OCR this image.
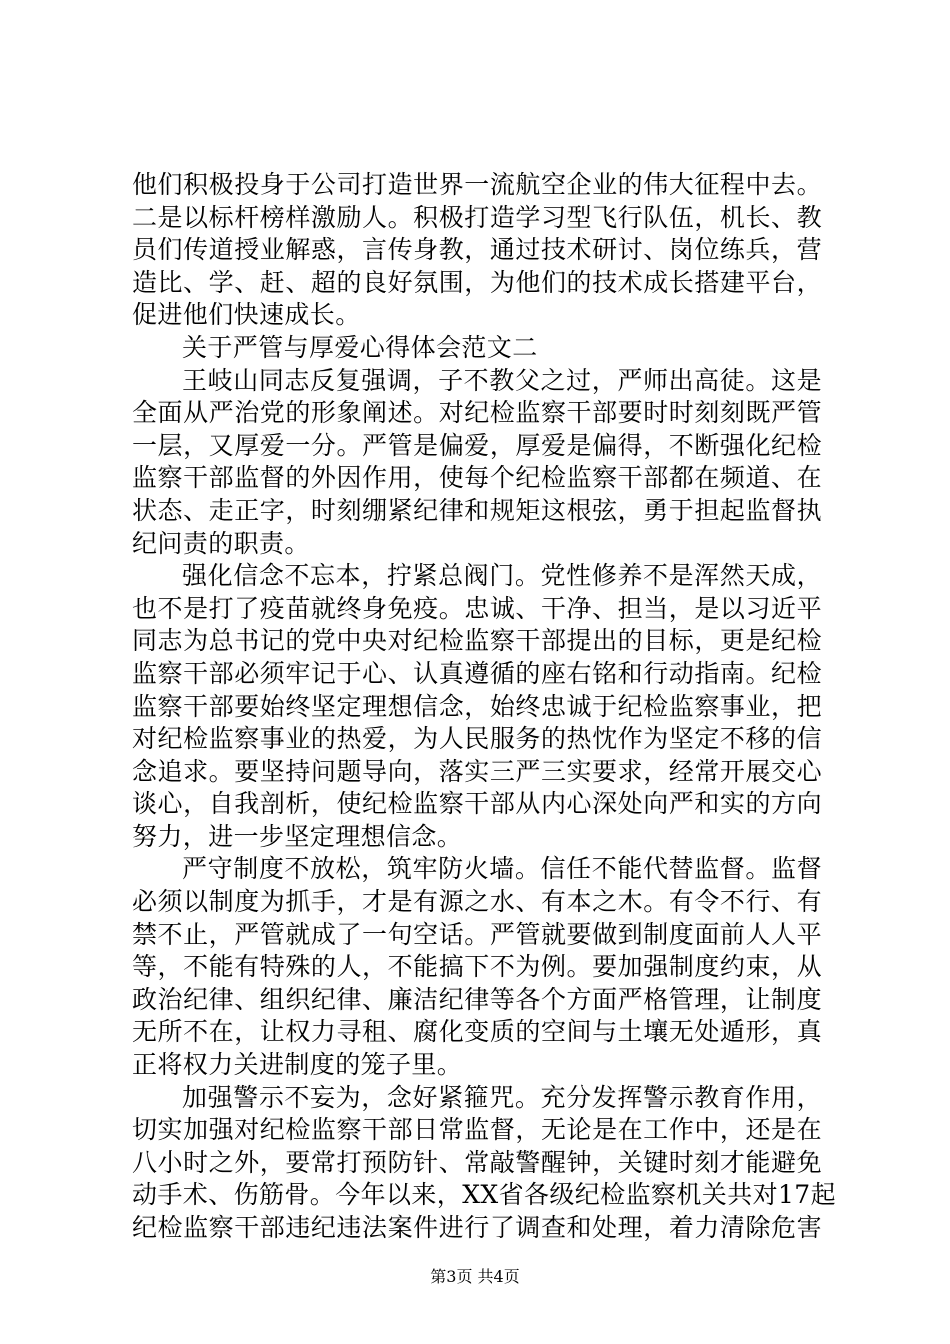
他们积极投身于公司打造世界一流航空企业的伟大征程中去。
二是以标杆榜样激励人。积极打造学习型飞行队伍，机长、教
员们传道授业解惑，言传身教，通过技术研讨、岗位练兵，营
造比、学、赶、超的良好氛围，为他们的技术成长搭建平台，
促进他们快速成长。
关于严管与厚爱心得体会范文二
王岐山同志反复强调，子不教父之过，严师出高徒。这是
全面从严治党的形象阐述。对纪检监察干部要时时刻刻既严管
一层，又厚爱一分。严管是偏爱，厚爱是偏得，不断强化纪检
监察干部监督的外因作用，使每个纪检监察干部都在频道、在
状态、走正字，时刻绷紧纪律和规矩这根弦，勇于担起监督执
纪问责的职责。
强化信念不忘本，拧紧总阀门。党性修养不是浑然天成，
也不是打了疫苗就终身免疫。忠诚、干净、担当，是以习近平
同志为总书记的党中央对纪检监察干部提出的目标，更是纪检
监察干部必须牢记于心、认真遵循的座右铭和行动指南。纪检
监察干部要始终坚定理想信念，始终忠诚于纪检监察事业，把
对纪检监察事业的热爱，为人民服务的热忱作为坚定不移的信
念追求。要坚持问题导向，落实三严三实要求，经常开展交心
谈心，自我剖析，使纪检监察干部从内心深处向严和实的方向
努力，进一步坚定理想信念。
严守制度不放松，筑牢防火墙。信任不能代替监督。监督
必须以制度为抓手，才是有源之水、有本之木。有令不行、有
禁不止，严管就成了一句空话。严管就要做到制度面前人人平
等，不能有特殊的人，不能搞下不为例。要加强制度约束，从
政治纪律、组织纪律、廉洁纪律等各个方面严格管理，让制度
无所不在，让权力寻租、腐化变质的空间与土壤无处遁形，真
正将权力关进制度的笼子里。
加强警示不妄为，念好紧箍咒。充分发挥警示教育作用，
切实加强对纪检监察干部日常监督，无论是在工作中，还是在
八小时之外，要常打预防针、常敲警醒钟，关键时刻才能避免
动手术、伤筋骨。今年以来，XX省各级纪检监察机关共对17起
纪检监察干部违纪违法案件进行了调查和处理，着力清除危害
第3页 共4页
